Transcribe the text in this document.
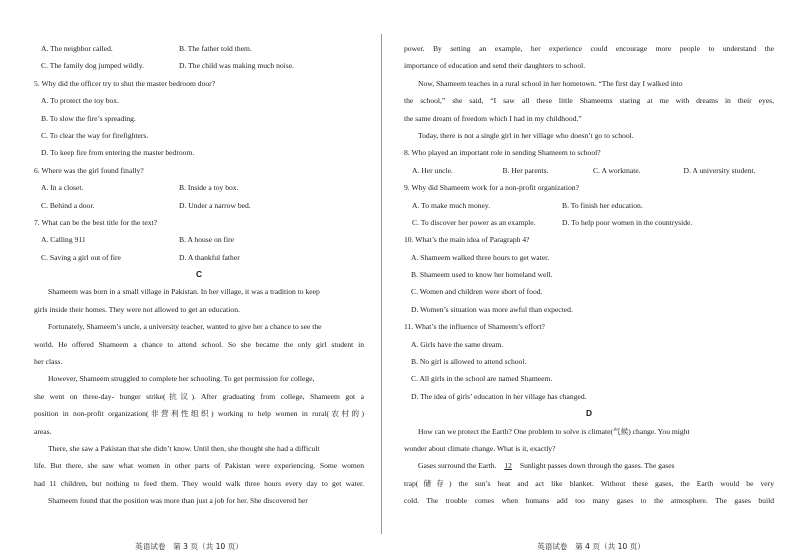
A. The neighbor called.	B. The father told them.
C. The family dog jumped wildly.	D. The child was making much noise.
5. Why did the officer try to shut the master bedroom door?
A. To protect the toy box.
B. To slow the fire’s spreading.
C. To clear the way for firefighters.
D. To keep fire from entering the master bedroom.
6. Where was the girl found finally?
A. In a closet.	B. Inside a toy box.
C. Behind a door.	D. Under a narrow bed.
7. What can be the best title for the text?
A. Calling 911	B. A house on fire
C. Saving a girl out of fire	D. A thankful father
C
Shameem was born in a small village in Pakistan. In her village, it was a tradition to keep
girls inside their homes. They were not allowed to get an education.
Fortunately, Shameem’s uncle, a university teacher, wanted to give her a chance to see the
world. He offered Shameem a chance to attend school. So she became the only girl student in
her class.
However, Shameem struggled to complete her schooling. To get permission for college,
she went on three-day- hunger strike(抗议). After graduating from college, Shameem got a
position in non-profit organization(非营利性组织) working to help women in rural(农村的)
areas.
There, she saw a Pakistan that she didn’t know. Until then, she thought she had a difficult
life. But there, she saw what women in other parts of Pakistan were experiencing. Some women
had 11 children, but nothing to feed them. They would walk three hours every day to get water.
Shameem found that the position was more than just a job for her. She discovered her
英语试卷　第 3 页（共 10 页）
power. By setting an example, her experience could encourage more people to understand the
importance of education and send their daughters to school.
Now, Shameem teaches in a rural school in her hometown. “The first day I walked into
the school,” she said, “I saw all these little Shameems staring at me with dreams in their eyes,
the same dream of freedom which I had in my childhood.”
Today, there is not a single girl in her village who doesn’t go to school.
8. Who played an important role in sending Shameem to school?
A. Her uncle.	B. Her parents.	C. A workmate.	D. A university student.
9. Why did Shameem work for a non-profit organization?
A. To make much money.	B. To finish her education.
C. To discover her power as an example.	D. To help poor women in the countryside.
10. What’s the main idea of Paragraph 4?
A. Shameem walked three hours to get water.
B. Shameem used to know her homeland well.
C. Women and children were short of food.
D. Women’s situation was more awful than expected.
11. What’s the influence of Shameem’s effort?
A. Girls have the same dream.
B. No girl is allowed to attend school.
C. All girls in the school are named Shameem.
D. The idea of girls’ education in her village has changed.
D
How can we protect the Earth? One problem to solve is climate(气候) change. You might
wonder about climate change. What is it, exactly?
Gases surround the Earth. 12 Sunlight passes down through the gases. The gases
trap(储存) the sun’s heat and act like blanket. Without these gases, the Earth would be very
cold. The trouble comes when humans add too many gases to the atmosphere. The gases build
英语试卷　第 4 页（共 10 页）
